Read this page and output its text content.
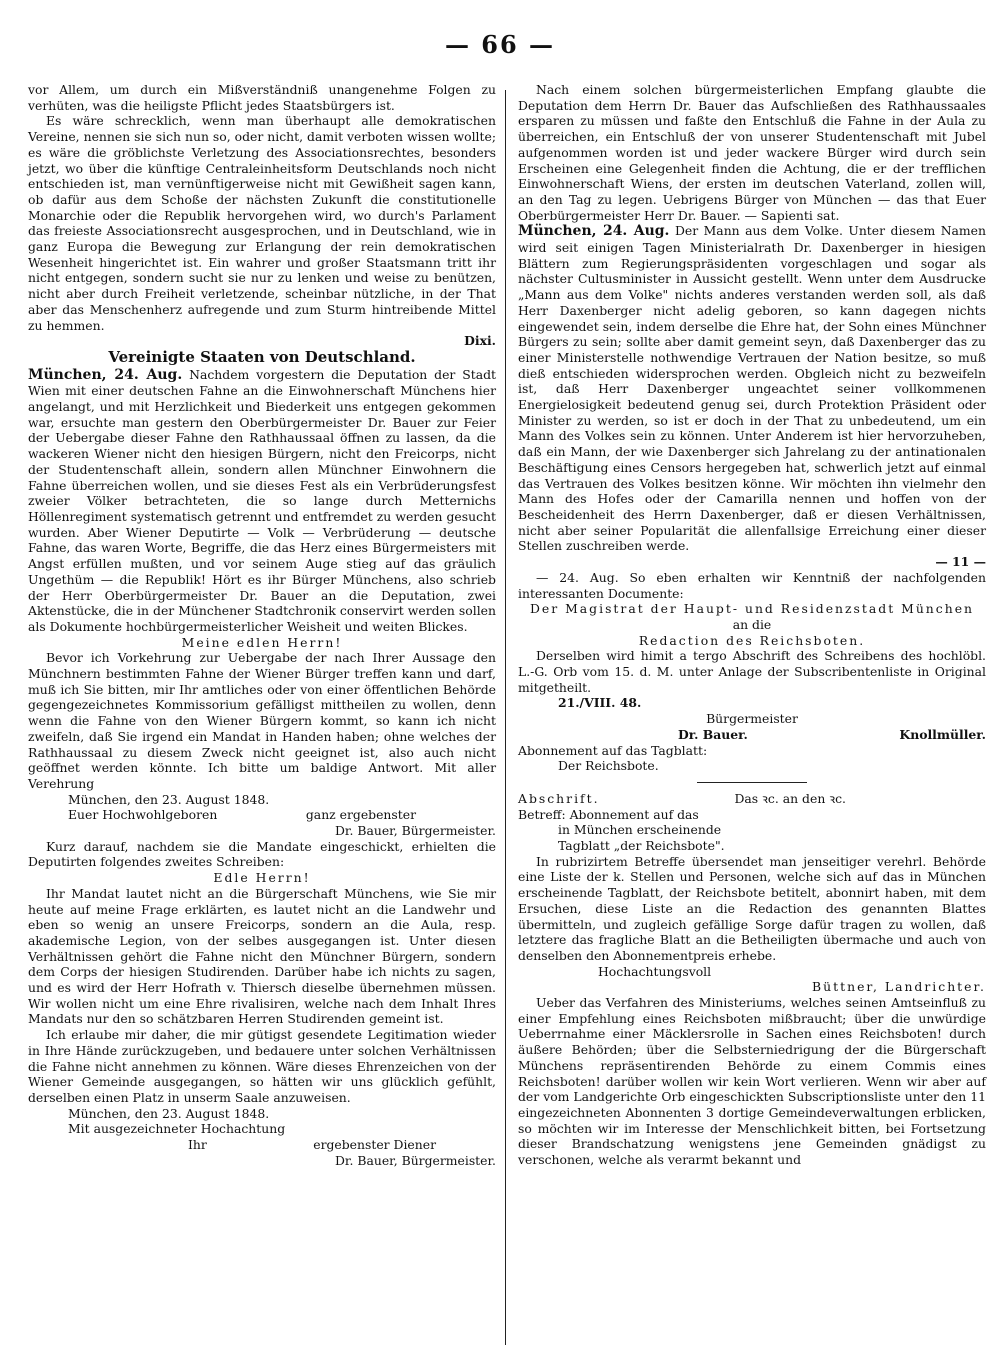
— 66 —

vor Allem, um durch ein Mißverständniß unangenehme Folgen zu verhüten, was die heiligste Pflicht jedes Staatsbürgers ist.

Es wäre schrecklich, wenn man überhaupt alle demokratischen Vereine, nennen sie sich nun so, oder nicht, damit verboten wissen wollte; es wäre die gröblichste Verletzung des Associationsrechtes, besonders jetzt, wo über die künftige Centraleinheitsform Deutschlands noch nicht entschieden ist, man vernünftigerweise nicht mit Gewißheit sagen kann, ob dafür aus dem Schoße der nächsten Zukunft die constitutionelle Monarchie oder die Republik hervorgehen wird, wo durch's Parlament das freieste Associationsrecht ausgesprochen, und in Deutschland, wie in ganz Europa die Bewegung zur Erlangung der rein demokratischen Wesenheit hingerichtet ist. Ein wahrer und großer Staatsmann tritt ihr nicht entgegen, sondern sucht sie nur zu lenken und weise zu benützen, nicht aber durch Freiheit verletzende, scheinbar nützliche, in der That aber das Menschenherz aufregende und zum Sturm hintreibende Mittel zu hemmen.

Dixi.

Vereinigte Staaten von Deutschland.

München, 24. Aug. Nachdem vorgestern die Deputation der Stadt Wien mit einer deutschen Fahne an die Einwohnerschaft Münchens hier angelangt, und mit Herzlichkeit und Biederkeit uns entgegen gekommen war, ersuchte man gestern den Oberbürgermeister Dr. Bauer zur Feier der Uebergabe dieser Fahne den Rathhaussaal öffnen zu lassen, da die wackeren Wiener nicht den hiesigen Bürgern, nicht den Freicorps, nicht der Studentenschaft allein, sondern allen Münchner Einwohnern die Fahne überreichen wollen, und sie dieses Fest als ein Verbrüderungsfest zweier Völker betrachteten, die so lange durch Metternichs Höllenregiment systematisch getrennt und entfremdet zu werden gesucht wurden. Aber Wiener Deputirte — Volk — Verbrüderung — deutsche Fahne, das waren Worte, Begriffe, die das Herz eines Bürgermeisters mit Angst erfüllen mußten, und vor seinem Auge stieg auf das gräulich Ungethüm — die Republik! Hört es ihr Bürger Münchens, also schrieb der Herr Oberbürgermeister Dr. Bauer an die Deputation, zwei Aktenstücke, die in der Münchener Stadtchronik conservirt werden sollen als Dokumente hochbürgermeisterlicher Weisheit und weiten Blickes.

Meine edlen Herrn!

Bevor ich Vorkehrung zur Uebergabe der nach Ihrer Aussage den Münchnern bestimmten Fahne der Wiener Bürger treffen kann und darf, muß ich Sie bitten, mir Ihr amtliches oder von einer öffentlichen Behörde gegengezeichnetes Kommissorium gefälligst mittheilen zu wollen, denn wenn die Fahne von den Wiener Bürgern kommt, so kann ich nicht zweifeln, daß Sie irgend ein Mandat in Handen haben; ohne welches der Rathhaussaal zu diesem Zweck nicht geeignet ist, also auch nicht geöffnet werden könnte. Ich bitte um baldige Antwort. Mit aller Verehrung

München, den 23. August 1848.

Euer Hochwohlgeboren	ganz ergebenster

Dr. Bauer, Bürgermeister.

Kurz darauf, nachdem sie die Mandate eingeschickt, erhielten die Deputirten folgendes zweites Schreiben:

Edle Herrn!

Ihr Mandat lautet nicht an die Bürgerschaft Münchens, wie Sie mir heute auf meine Frage erklärten, es lautet nicht an die Landwehr und eben so wenig an unsere Freicorps, sondern an die Aula, resp. akademische Legion, von der selbes ausgegangen ist. Unter diesen Verhältnissen gehört die Fahne nicht den Münchner Bürgern, sondern dem Corps der hiesigen Studirenden. Darüber habe ich nichts zu sagen, und es wird der Herr Hofrath v. Thiersch dieselbe übernehmen müssen. Wir wollen nicht um eine Ehre rivalisiren, welche nach dem Inhalt Ihres Mandats nur den so schätzbaren Herren Studirenden gemeint ist.

Ich erlaube mir daher, die mir gütigst gesendete Legitimation wieder in Ihre Hände zurückzugeben, und bedauere unter solchen Verhältnissen die Fahne nicht annehmen zu können. Wäre dieses Ehrenzeichen von der Wiener Gemeinde ausgegangen, so hätten wir uns glücklich gefühlt, derselben einen Platz in unserm Saale anzuweisen.

München, den 23. August 1848.

Mit ausgezeichneter Hochachtung

Ihr	ergebenster Diener

Dr. Bauer, Bürgermeister.

Nach einem solchen bürgermeisterlichen Empfang glaubte die Deputation dem Herrn Dr. Bauer das Aufschließen des Rathhaussaales ersparen zu müssen und faßte den Entschluß die Fahne in der Aula zu überreichen, ein Entschluß der von unserer Studentenschaft mit Jubel aufgenommen worden ist und jeder wackere Bürger wird durch sein Erscheinen eine Gelegenheit finden die Achtung, die er der trefflichen Einwohnerschaft Wiens, der ersten im deutschen Vaterland, zollen will, an den Tag zu legen. Uebrigens Bürger von München — das that Euer Oberbürgermeister Herr Dr. Bauer. — Sapienti sat.

München, 24. Aug. Der Mann aus dem Volke. Unter diesem Namen wird seit einigen Tagen Ministerialrath Dr. Daxenberger in hiesigen Blättern zum Regierungspräsidenten vorgeschlagen und sogar als nächster Cultusminister in Aussicht gestellt. Wenn unter dem Ausdrucke „Mann aus dem Volke" nichts anderes verstanden werden soll, als daß Herr Daxenberger nicht adelig geboren, so kann dagegen nichts eingewendet sein, indem derselbe die Ehre hat, der Sohn eines Münchner Bürgers zu sein; sollte aber damit gemeint seyn, daß Daxenberger das zu einer Ministerstelle nothwendige Vertrauen der Nation besitze, so muß dieß entschieden widersprochen werden. Obgleich nicht zu bezweifeln ist, daß Herr Daxenberger ungeachtet seiner vollkommenen Energielosigkeit bedeutend genug sei, durch Protektion Präsident oder Minister zu werden, so ist er doch in der That zu unbedeutend, um ein Mann des Volkes sein zu können. Unter Anderem ist hier hervorzuheben, daß ein Mann, der wie Daxenberger sich Jahrelang zu der antinationalen Beschäftigung eines Censors hergegeben hat, schwerlich jetzt auf einmal das Vertrauen des Volkes besitzen könne. Wir möchten ihn vielmehr den Mann des Hofes oder der Camarilla nennen und hoffen von der Bescheidenheit des Herrn Daxenberger, daß er diesen Verhältnissen, nicht aber seiner Popularität die allenfallsige Erreichung einer dieser Stellen zuschreiben werde.

— 11 —

— 24. Aug. So eben erhalten wir Kenntniß der nachfolgenden interessanten Documente:

Der Magistrat der Haupt- und Residenzstadt München

an die

Redaction des Reichsboten.

Derselben wird himit a tergo Abschrift des Schreibens des hochlöbl. L.-G. Orb vom 15. d. M. unter Anlage der Subscribentenliste in Original mitgetheilt.

21./VIII. 48.

Bürgermeister

Dr. Bauer.	Knollmüller.

Abonnement auf das Tagblatt:

Der Reichsbote.

Abschrift.	Das ꝛc. an den ꝛc.

Betreff: Abonnement auf das

in München erscheinende

Tagblatt „der Reichsbote".

In rubrizirtem Betreffe übersendet man jenseitiger verehrl. Behörde eine Liste der k. Stellen und Personen, welche sich auf das in München erscheinende Tagblatt, der Reichsbote betitelt, abonnirt haben, mit dem Ersuchen, diese Liste an die Redaction des genannten Blattes übermitteln, und zugleich gefällige Sorge dafür tragen zu wollen, daß letztere das fragliche Blatt an die Betheiligten übermache und auch von denselben den Abonnementpreis erhebe.

Hochachtungsvoll

Büttner, Landrichter.

Ueber das Verfahren des Ministeriums, welches seinen Amtseinfluß zu einer Empfehlung eines Reichsboten mißbraucht; über die unwürdige Ueberrnahme einer Mäcklersrolle in Sachen eines Reichsboten! durch äußere Behörden; über die Selbsterniedrigung der die Bürgerschaft Münchens repräsentirenden Behörde zu einem Commis eines Reichsboten! darüber wollen wir kein Wort verlieren. Wenn wir aber auf der vom Landgerichte Orb eingeschickten Subscriptionsliste unter den 11 eingezeichneten Abonnenten 3 dortige Gemeindeverwaltungen erblicken, so möchten wir im Interesse der Menschlichkeit bitten, bei Fortsetzung dieser Brandschatzung wenigstens jene Gemeinden gnädigst zu verschonen, welche als verarmt bekannt und
